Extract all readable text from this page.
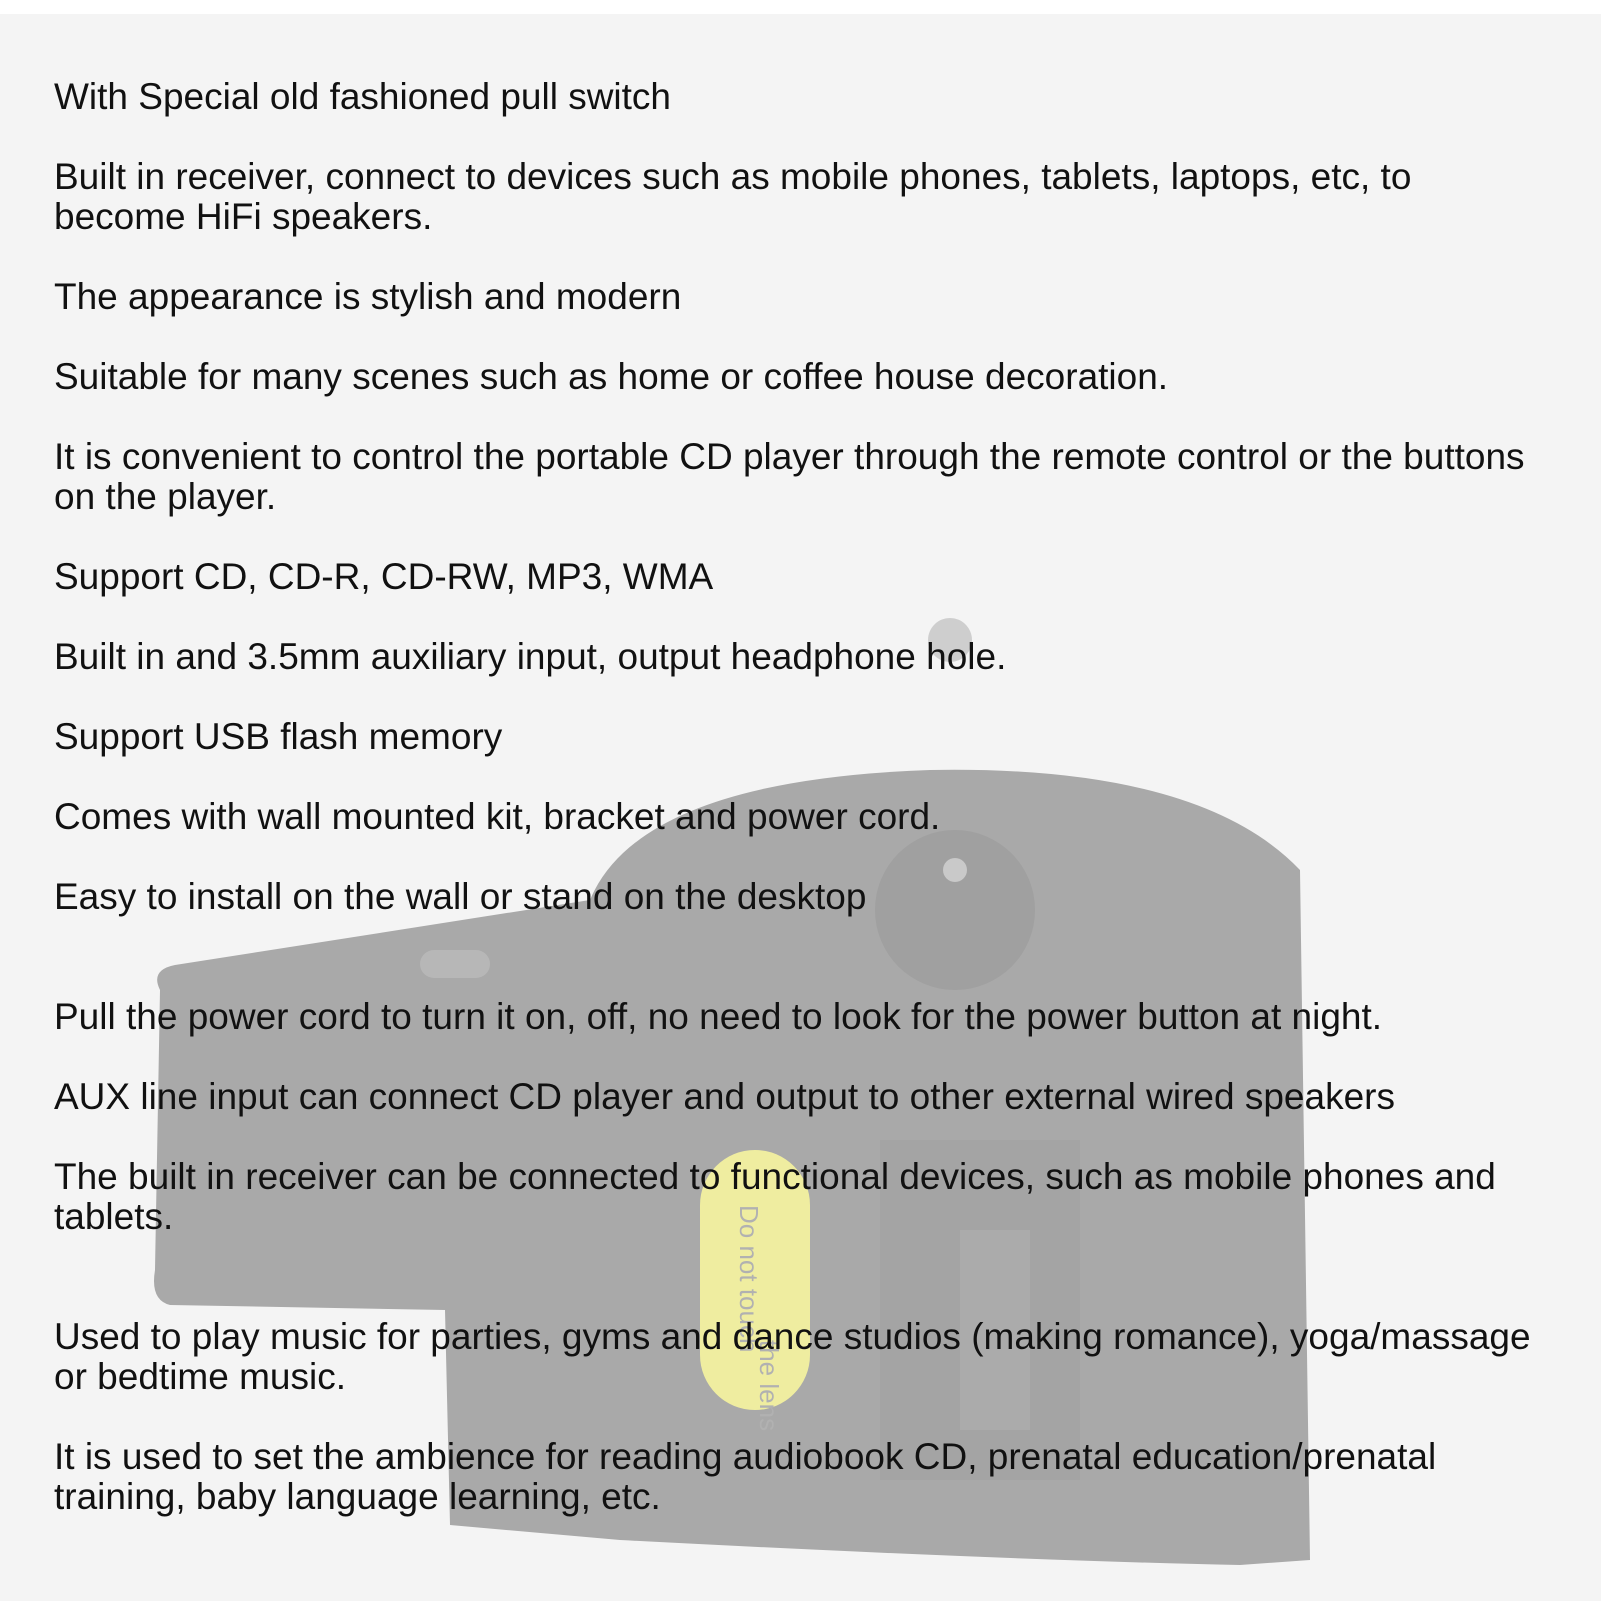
Do not touch
the lens

With Special old fashioned pull switch

Built in receiver, connect to devices such as mobile phones, tablets, laptops, etc, to

become HiFi speakers.

The appearance is stylish and modern

Suitable for many scenes such as home or coffee house decoration.

It is convenient to control the portable CD player through the remote control or the buttons

on the player.

Support CD, CD-R, CD-RW, MP3, WMA

Built in and 3.5mm auxiliary input, output headphone hole.

Support USB flash memory

Comes with wall mounted kit, bracket and power cord.

Easy to install on the wall or stand on the desktop

Pull the power cord to turn it on, off, no need to look for the power button at night.

AUX line input can connect CD player and output to other external wired speakers

The built in receiver can be connected to functional devices, such as mobile phones and

tablets.

Used to play music for parties, gyms and dance studios (making romance), yoga/massage

or bedtime music.

It is used to set the ambience for reading audiobook CD, prenatal education/prenatal

training, baby language learning, etc.
